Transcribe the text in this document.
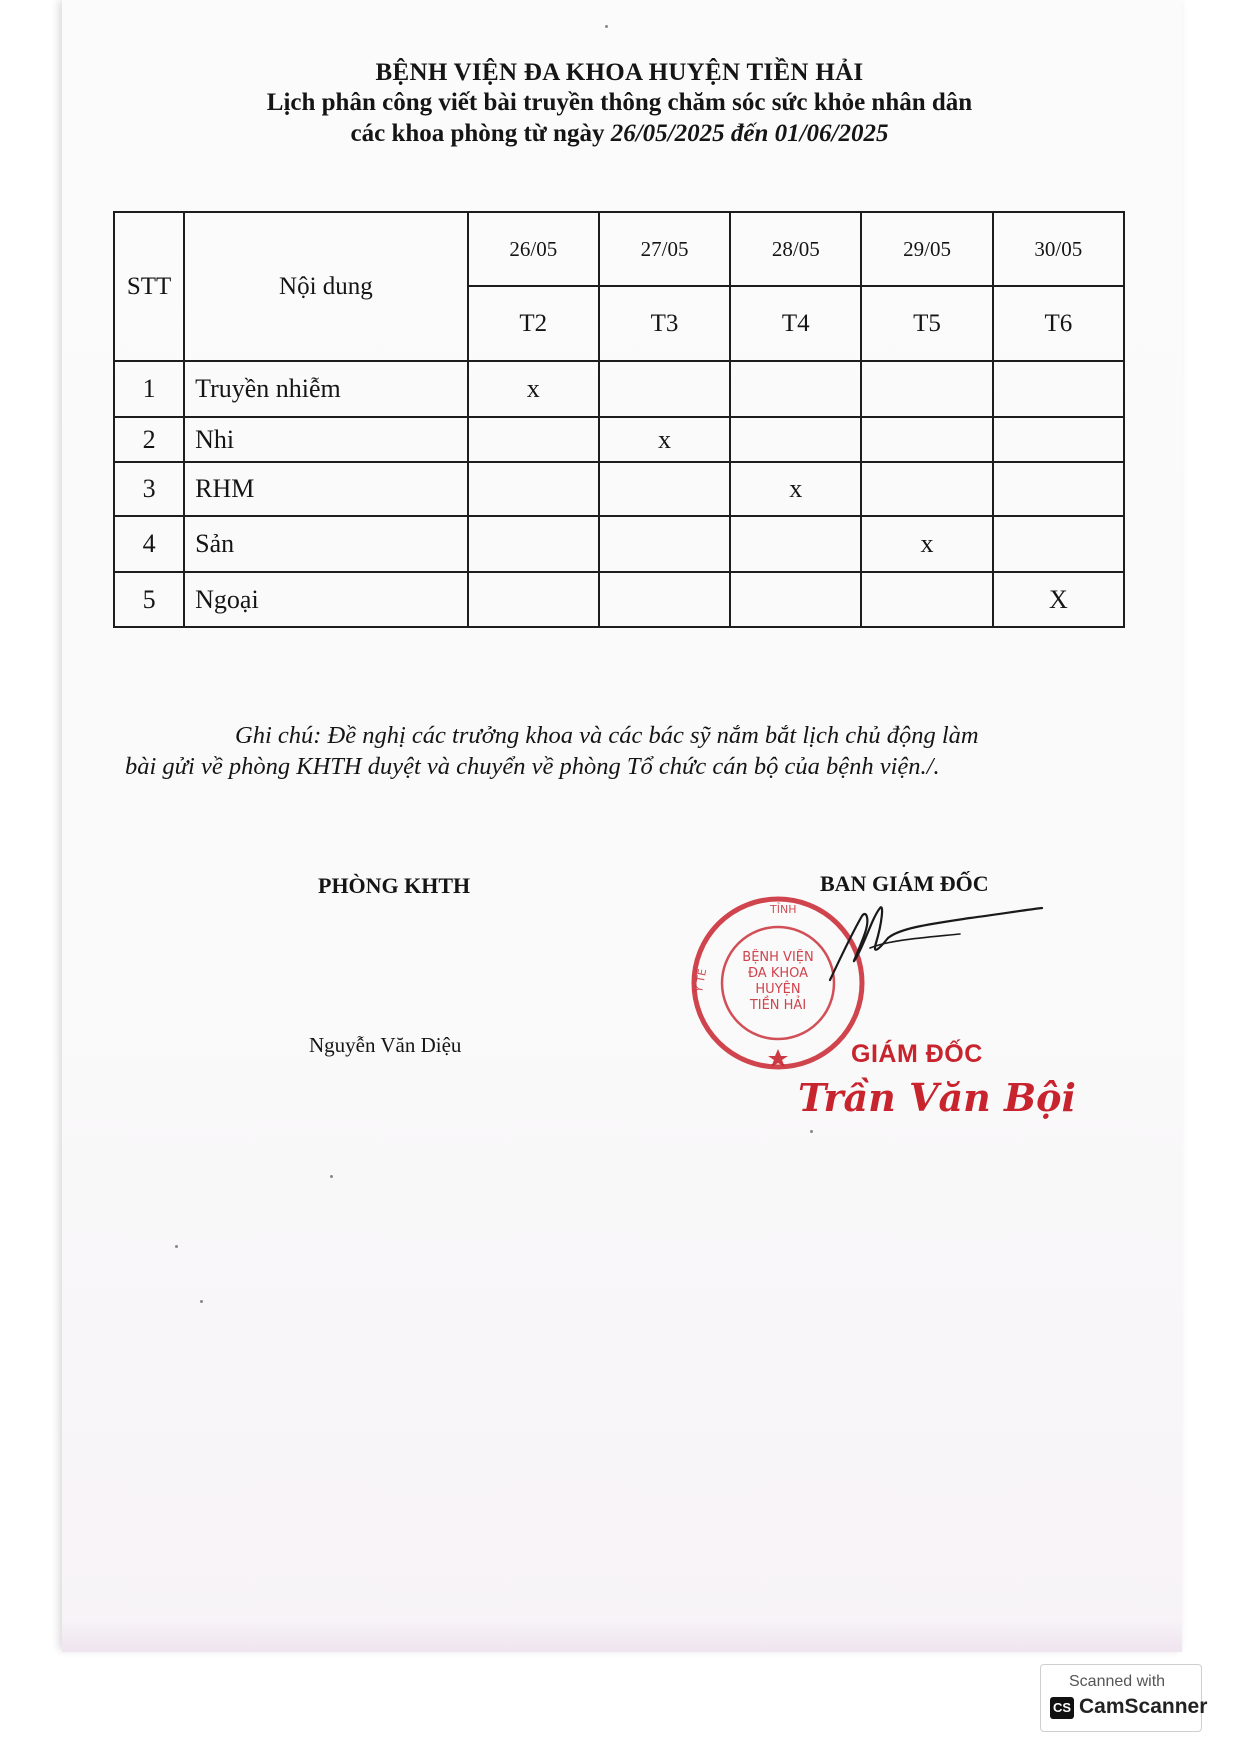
BỆNH VIỆN ĐA KHOA HUYỆN TIỀN HẢI
Lịch phân công viết bài truyền thông chăm sóc sức khỏe nhân dân
các khoa phòng từ ngày 26/05/2025 đến 01/06/2025
STT	Nội dung	26/05	27/05	28/05	29/05	30/05
		T2	T3	T4	T5	T6
1	Truyền nhiễm	x				
2	Nhi		x			
3	RHM			x		
4	Sản				x	
5	Ngoại					X
Ghi chú: Đề nghị các trưởng khoa và các bác sỹ nắm bắt lịch chủ động làm
bài gửi về phòng KHTH duyệt và chuyển về phòng Tổ chức cán bộ của bệnh viện./.
PHÒNG KHTH
Nguyễn Văn Diệu
BAN GIÁM ĐỐC
BỆNH VIỆN
ĐA KHOA
HUYỆN
TIỀN HẢI
TỈNH
Y TẾ
GIÁM ĐỐC
Trần Văn Bội
Scanned with
CS CamScanner
